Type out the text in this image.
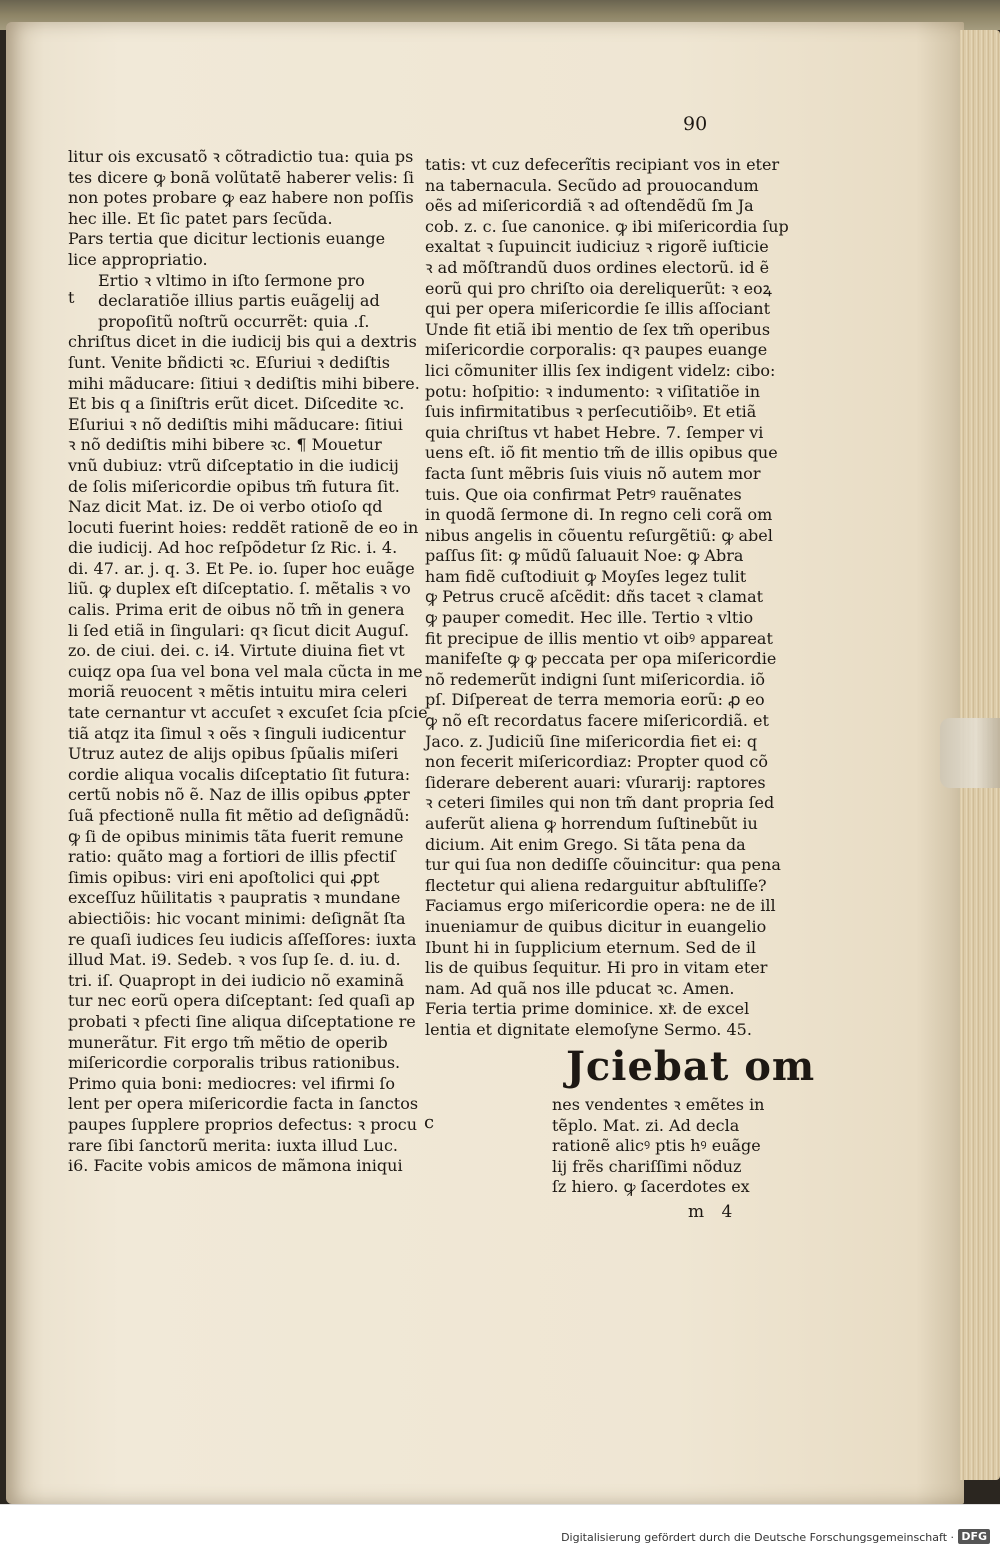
90
t
litur ois excusatõ ꝛ cõtradictio tua: quia ps
tes dicere ꝙ bonã volũtatẽ haberer velis: ſi
non potes probare ꝙ eaz habere non poſſis
hec ille. Et ſic patet pars ſecũda.
Pars tertia que dicitur lectionis euange
lice appropriatio.
Ertio ꝛ vltimo in iſto ſermone pro
declaratiõe illius partis euãgelij ad
propoſitũ noſtrũ occurrẽt: quia .ſ.
chriſtus dicet in die iudicij bis qui a dextris
ſunt. Venite bñdicti ꝛc. Eſuriui ꝛ dediſtis
mihi mãducare: ſitiui ꝛ dediſtis mihi bibere.
Et bis q a ſiniſtris erũt dicet. Diſcedite ꝛc.
Eſuriui ꝛ nõ dediſtis mihi mãducare: ſitiui
ꝛ nõ dediſtis mihi bibere ꝛc. ¶ Mouetur
vnũ dubiuz: vtrũ diſceptatio in die iudicij
de ſolis miſericordie opibus tm̃ futura ſit.
Naz dicit Mat. iz. De oi verbo otioſo qd
locuti fuerint hoies: reddẽt rationẽ de eo in
die iudicij. Ad hoc reſpõdetur ſz Ric. i. 4.
di. 47. ar. j. q. 3. Et Pe. io. ſuper hoc euãge
liũ. ꝙ duplex eſt diſceptatio. ſ. mẽtalis ꝛ vo
calis. Prima erit de oibus nõ tm̃ in genera
li ſed etiã in ſingulari: qꝛ ſicut dicit Auguſ.
zo. de ciui. dei. c. i4. Virtute diuina fiet vt
cuiqz opa ſua vel bona vel mala cũcta in me
moriã reuocent ꝛ mẽtis intuitu mira celeri
tate cernantur vt accuſet ꝛ excuſet ſcia pſcie
tiã atqz ita ſimul ꝛ oẽs ꝛ ſinguli iudicentur
Utruz autez de alijs opibus ſpũalis miſeri
cordie aliqua vocalis diſceptatio ſit futura:
certũ nobis nõ ẽ. Naz de illis opibus ꝓpter
ſuã pfectionẽ nulla fit mẽtio ad deſignãdũ:
ꝙ ſi de opibus minimis tãta fuerit remune
ratio: quãto mag a fortiori de illis pfectiſ
ſimis opibus: viri eni apoſtolici qui ꝓpt
exceſſuz hũilitatis ꝛ paupratis ꝛ mundane
abiectiõis: hic vocant minimi: deſignãt ſta
re quaſi iudices ſeu iudicis aſſeſſores: iuxta
illud Mat. i9. Sedeb. ꝛ vos ſup ſe. d. iu. d.
tri. iſ. Quapropt in dei iudicio nõ examinã
tur nec eorũ opera diſceptant: ſed quaſi ap
probati ꝛ pfecti ſine aliqua diſceptatione re
munerãtur. Fit ergo tm̃ mẽtio de operib
miſericordie corporalis tribus rationibus.
Primo quia boni: mediocres: vel ifirmi ſo
lent per opera miſericordie facta in ſanctos
paupes ſupplere proprios defectus: ꝛ procu
rare ſibi ſanctorũ merita: iuxta illud Luc.
i6. Facite vobis amicos de mãmona iniqui
tatis: vt cuz defecerĩtis recipiant vos in eter
na tabernacula. Secũdo ad prouocandum
oẽs ad miſericordiã ꝛ ad oſtendẽdũ ſm Ja
cob. z. c. ſue canonice. ꝙ ibi miſericordia ſup
exaltat ꝛ ſupuincit iudiciuz ꝛ rigorẽ iuſticie
ꝛ ad mõſtrandũ duos ordines electorũ. id ẽ
eorũ qui pro chriſto oia dereliquerũt: ꝛ eoꝝ
qui per opera miſericordie ſe illis aſſociant
Unde fit etiã ibi mentio de ſex tm̃ operibus
miſericordie corporalis: qꝛ paupes euange
lici cõmuniter illis ſex indigent videlz: cibo:
potu: hoſpitio: ꝛ indumento: ꝛ viſitatiõe in
ſuis infirmitatibus ꝛ perſecutiõibꝰ. Et etiã
quia chriſtus vt habet Hebre. 7. ſemper vi
uens eſt. iõ fit mentio tm̃ de illis opibus que
facta ſunt mẽbris ſuis viuis nõ autem mor
tuis. Que oia confirmat Petrꝰ rauẽnates
in quodã ſermone di. In regno celi corã om
nibus angelis in cõuentu reſurgẽtiũ: ꝙ abel
paſſus ſit: ꝙ mũdũ ſaluauit Noe: ꝙ Abra
ham fidẽ cuſtodiuit ꝙ Moyſes legez tulit
ꝙ Petrus crucẽ aſcẽdit: dñs tacet ꝛ clamat
ꝙ pauper comedit. Hec ille. Tertio ꝛ vltio
fit precipue de illis mentio vt oibꝰ appareat
manifeſte ꝙ ꝙ peccata per opa miſericordie
nõ redemerũt indigni ſunt miſericordia. iõ
pſ. Diſpereat de terra memoria eorũ: ꝓ eo
ꝙ nõ eſt recordatus facere miſericordiã. et
Jaco. z. Judiciũ ſine miſericordia fiet ei: q
non fecerit miſericordiaz: Propter quod cõ
ſiderare deberent auari: vſurarij: raptores
ꝛ ceteri ſimiles qui non tm̃ dant propria ſed
auferũt aliena ꝙ horrendum ſuſtinebũt iu
dicium. Ait enim Grego. Si tãta pena da
tur qui ſua non dediſſe cõuincitur: qua pena
flectetur qui aliena redarguitur abſtuliſſe?
Faciamus ergo miſericordie opera: ne de ill
inueniamur de quibus dicitur in euangelio
Ibunt hi in ſupplicium eternum. Sed de il
lis de quibus ſequitur. Hi pro in vitam eter
nam. Ad quã nos ille pducat ꝛc. Amen.
Feria tertia prime dominice. xlͤ. de excel
lentia et dignitate elemoſyne Sermo. 45.
Jciebat om
c
nes vendentes ꝛ emẽtes in
tẽplo. Mat. zi. Ad decla
rationẽ alicꝰ ptis hꝰ euãge
lij frẽs chariſſimi nõduz
ſz hiero. ꝙ ſacerdotes ex
m 4
Digitalisierung gefördert durch die Deutsche Forschungsgemeinschaft · DFG
